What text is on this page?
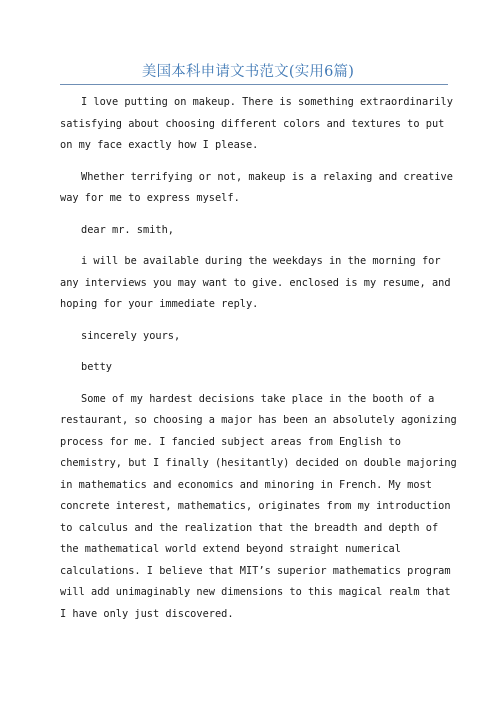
美国本科申请文书范文(实用6篇)
I love putting on makeup. There is something extraordinarily
satisfying about choosing different colors and textures to put
on my face exactly how I please.
Whether terrifying or not, makeup is a relaxing and creative
way for me to express myself.
dear mr. smith,
i will be available during the weekdays in the morning for
any interviews you may want to give. enclosed is my resume, and
hoping for your immediate reply.
sincerely yours,
betty
Some of my hardest decisions take place in the booth of a
restaurant, so choosing a major has been an absolutely agonizing
process for me. I fancied subject areas from English to
chemistry, but I finally (hesitantly) decided on double majoring
in mathematics and economics and minoring in French. My most
concrete interest, mathematics, originates from my introduction
to calculus and the realization that the breadth and depth of
the mathematical world extend beyond straight numerical
calculations. I believe that MIT’s superior mathematics program
will add unimaginably new dimensions to this magical realm that
I have only just discovered.
